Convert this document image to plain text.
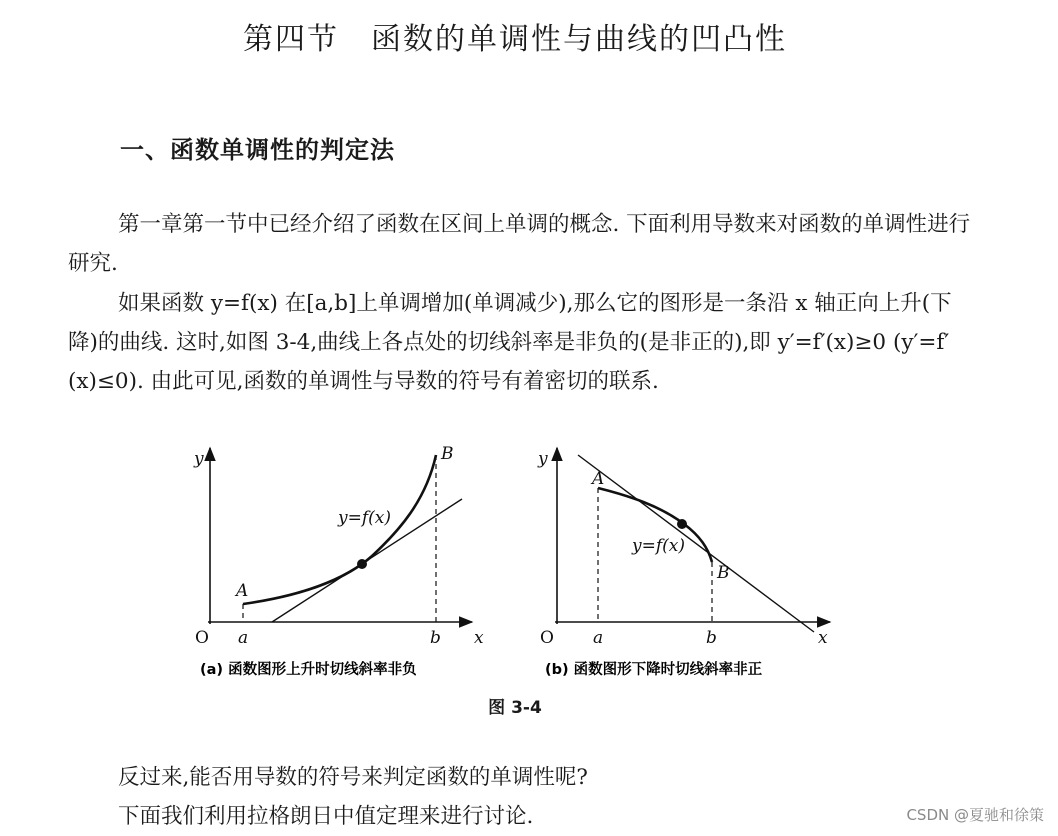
第四节　函数的单调性与曲线的凹凸性
一、函数单调性的判定法
第一章第一节中已经介绍了函数在区间上单调的概念. 下面利用导数来对函数的单调性进行研究.
如果函数 y=f(x) 在[a,b]上单调增加(单调减少),那么它的图形是一条沿 x 轴正向上升(下降)的曲线. 这时,如图 3-4,曲线上各点处的切线斜率是非负的(是非正的),即 y′=f′(x)≥0 (y′=f′(x)≤0). 由此可见,函数的单调性与导数的符号有着密切的联系.
O	x
y
a	b
A
B
y=f(x)
(a) 函数图形上升时切线斜率非负
O	x
y
a	b
A
B
y=f(x)
(b) 函数图形下降时切线斜率非正
图 3-4
反过来,能否用导数的符号来判定函数的单调性呢?
下面我们利用拉格朗日中值定理来进行讨论.	CSDN @夏驰和徐策
